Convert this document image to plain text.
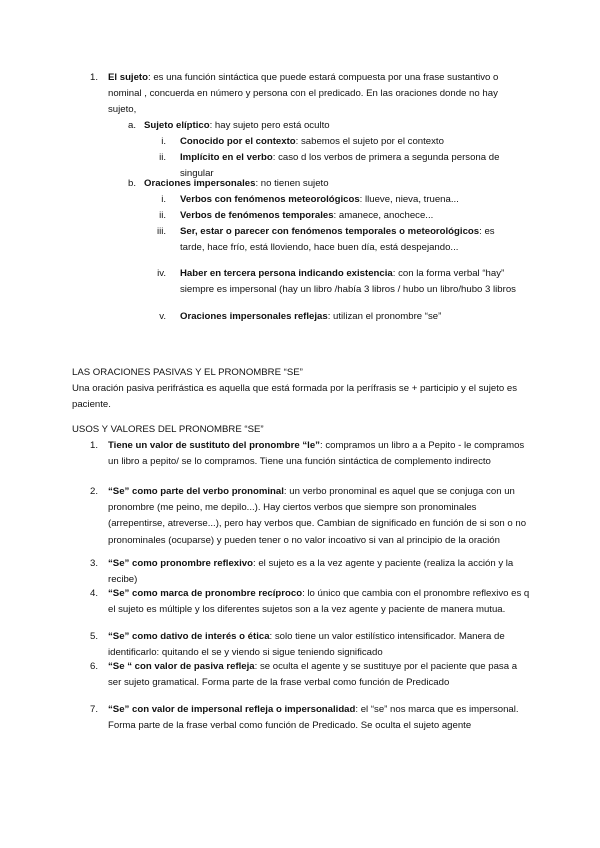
1. El sujeto: es una función sintáctica que puede estará compuesta por una frase sustantivo o nominal , concuerda en número y persona con el predicado. En las oraciones donde no hay sujeto,
a. Sujeto elíptico: hay sujeto pero está oculto
i. Conocido por el contexto: sabemos el sujeto por el contexto
ii. Implícito en el verbo: caso d los verbos de primera a segunda persona de singular
b. Oraciones impersonales: no tienen sujeto
i. Verbos con fenómenos meteorológicos: llueve, nieva, truena...
ii. Verbos de fenómenos temporales: amanece, anochece...
iii. Ser, estar o parecer con fenómenos temporales o meteorológicos: es tarde, hace frío, está lloviendo, hace buen día, está despejando...
iv. Haber en tercera persona indicando existencia: con la forma verbal “hay” siempre es impersonal (hay un libro /había 3 libros / hubo un libro/hubo 3 libros
v. Oraciones impersonales reflejas: utilizan el pronombre “se”
LAS ORACIONES PASIVAS Y EL PRONOMBRE “SE”
Una oración pasiva perifrástica es aquella que está formada por la perífrasis se + participio y el sujeto es paciente.
USOS Y VALORES DEL PRONOMBRE “SE”
1. Tiene un valor de sustituto del pronombre “le”: compramos un libro a a Pepito - le compramos un libro a pepito/ se lo compramos. Tiene una función sintáctica de complemento indirecto
2. “Se” como parte del verbo pronominal: un verbo pronominal es aquel que se conjuga con un pronombre (me peino, me depilo...). Hay ciertos verbos que siempre son pronominales (arrepentirse, atreverse...), pero hay verbos que. Cambian de significado en función de si son o no pronominales (ocuparse) y pueden tener o no valor incoativo si van al principio de la oración
3. “Se” como pronombre reflexivo: el sujeto es a la vez agente y paciente (realiza la acción y la recibe)
4. “Se” como marca de pronombre recíproco: lo único que cambia con el pronombre reflexivo es q el sujeto es múltiple y los diferentes sujetos son a la vez agente y paciente de manera mutua.
5. “Se” como dativo de interés o ética: solo tiene un valor estilístico intensificador. Manera de identificarlo: quitando el se y viendo si sigue teniendo significado
6. “Se “ con valor de pasiva refleja: se oculta el agente y se sustituye por el paciente que pasa a ser sujeto gramatical. Forma parte de la frase verbal como función de Predicado
7. “Se” con valor de impersonal refleja o impersonalidad: el “se” nos marca que es impersonal. Forma parte de la frase verbal como función de Predicado. Se oculta el sujeto agente
